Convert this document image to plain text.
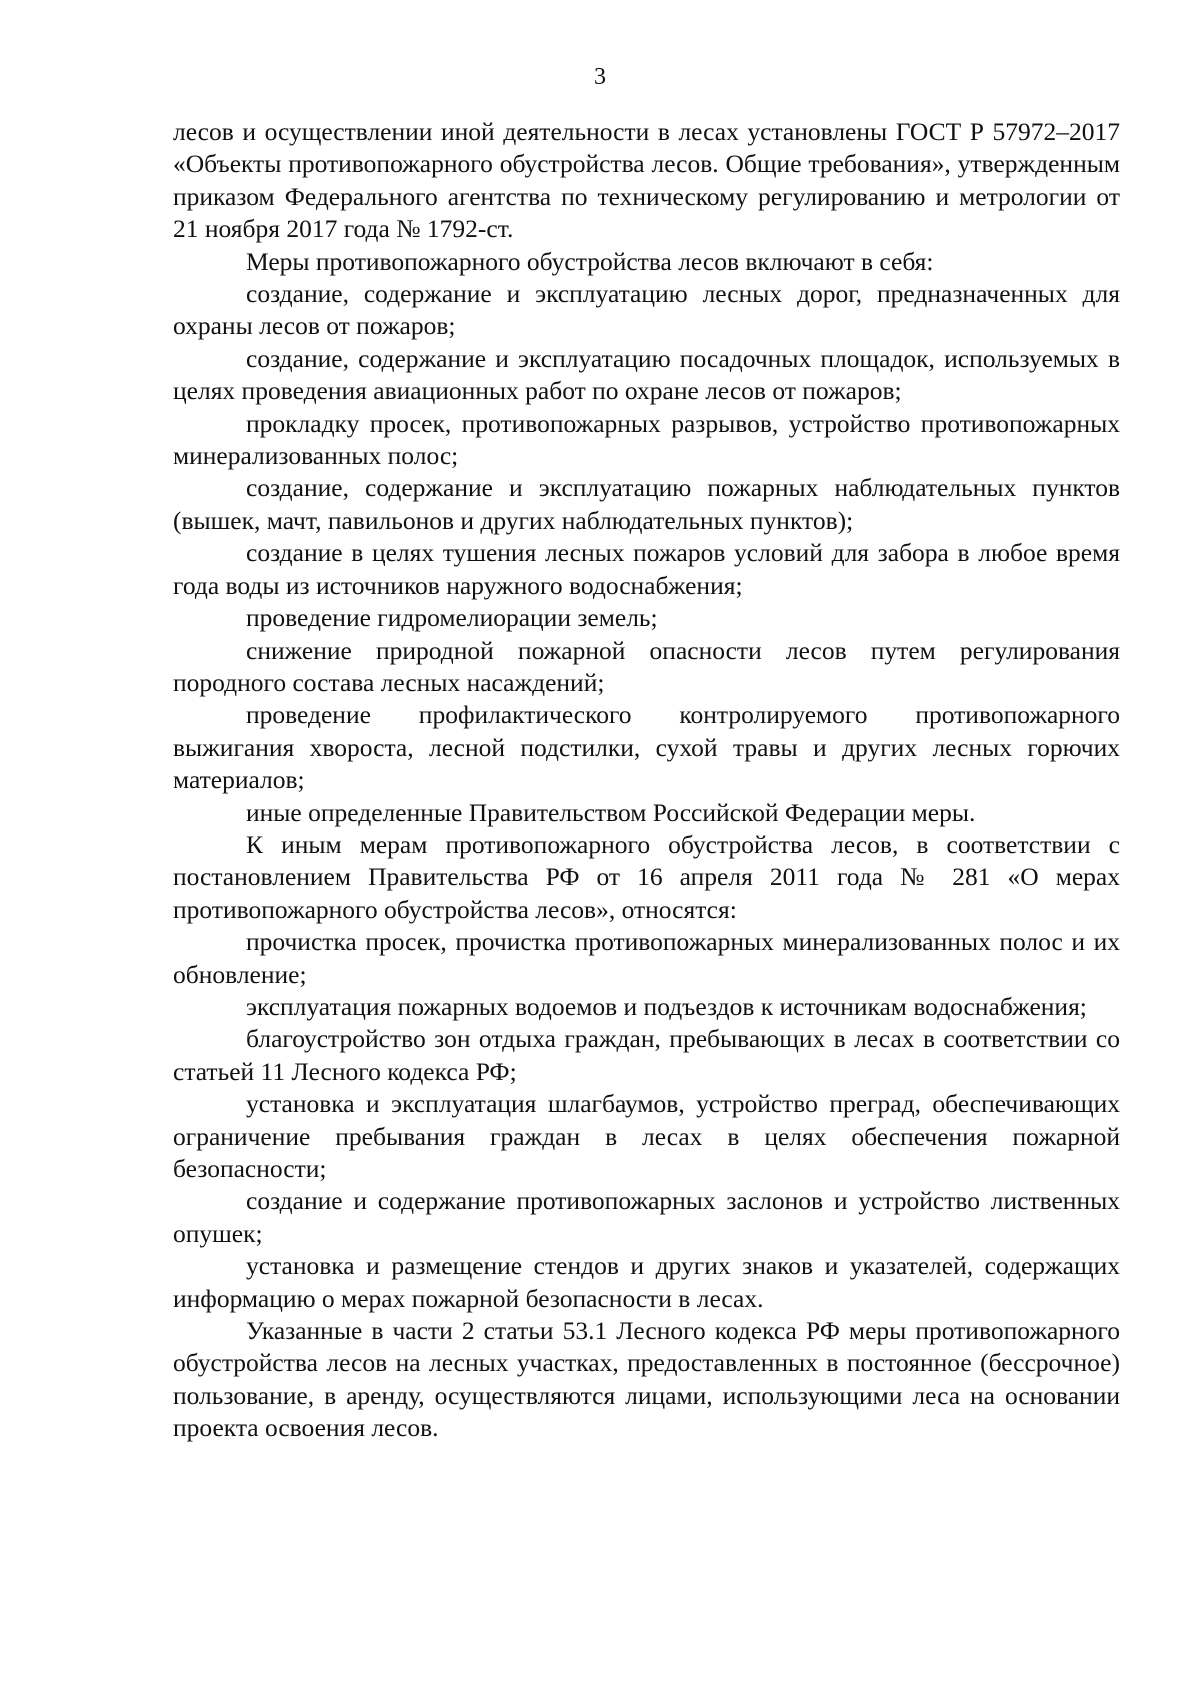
3

лесов и осуществлении иной деятельности в лесах установлены ГОСТ Р 57972–2017 «Объекты противопожарного обустройства лесов. Общие требования», утвержденным приказом Федерального агентства по техническому регулированию и метрологии от 21 ноября 2017 года № 1792-ст.

Меры противопожарного обустройства лесов включают в себя:

создание, содержание и эксплуатацию лесных дорог, предназначенных для охраны лесов от пожаров;

создание, содержание и эксплуатацию посадочных площадок, используемых в целях проведения авиационных работ по охране лесов от пожаров;

прокладку просек, противопожарных разрывов, устройство противопожарных минерализованных полос;

создание, содержание и эксплуатацию пожарных наблюдательных пунктов (вышек, мачт, павильонов и других наблюдательных пунктов);

создание в целях тушения лесных пожаров условий для забора в любое время года воды из источников наружного водоснабжения;

проведение гидромелиорации земель;

снижение природной пожарной опасности лесов путем регулирования породного состава лесных насаждений;

проведение профилактического контролируемого противопожарного выжигания хвороста, лесной подстилки, сухой травы и других лесных горючих материалов;

иные определенные Правительством Российской Федерации меры.

К иным мерам противопожарного обустройства лесов, в соответствии с постановлением Правительства РФ от 16 апреля 2011 года № 281 «О мерах противопожарного обустройства лесов», относятся:

прочистка просек, прочистка противопожарных минерализованных полос и их обновление;

эксплуатация пожарных водоемов и подъездов к источникам водоснабжения;

благоустройство зон отдыха граждан, пребывающих в лесах в соответствии со статьей 11 Лесного кодекса РФ;

установка и эксплуатация шлагбаумов, устройство преград, обеспечивающих ограничение пребывания граждан в лесах в целях обеспечения пожарной безопасности;

создание и содержание противопожарных заслонов и устройство лиственных опушек;

установка и размещение стендов и других знаков и указателей, содержащих информацию о мерах пожарной безопасности в лесах.

Указанные в части 2 статьи 53.1 Лесного кодекса РФ меры противопожарного обустройства лесов на лесных участках, предоставленных в постоянное (бессрочное) пользование, в аренду, осуществляются лицами, использующими леса на основании проекта освоения лесов.
